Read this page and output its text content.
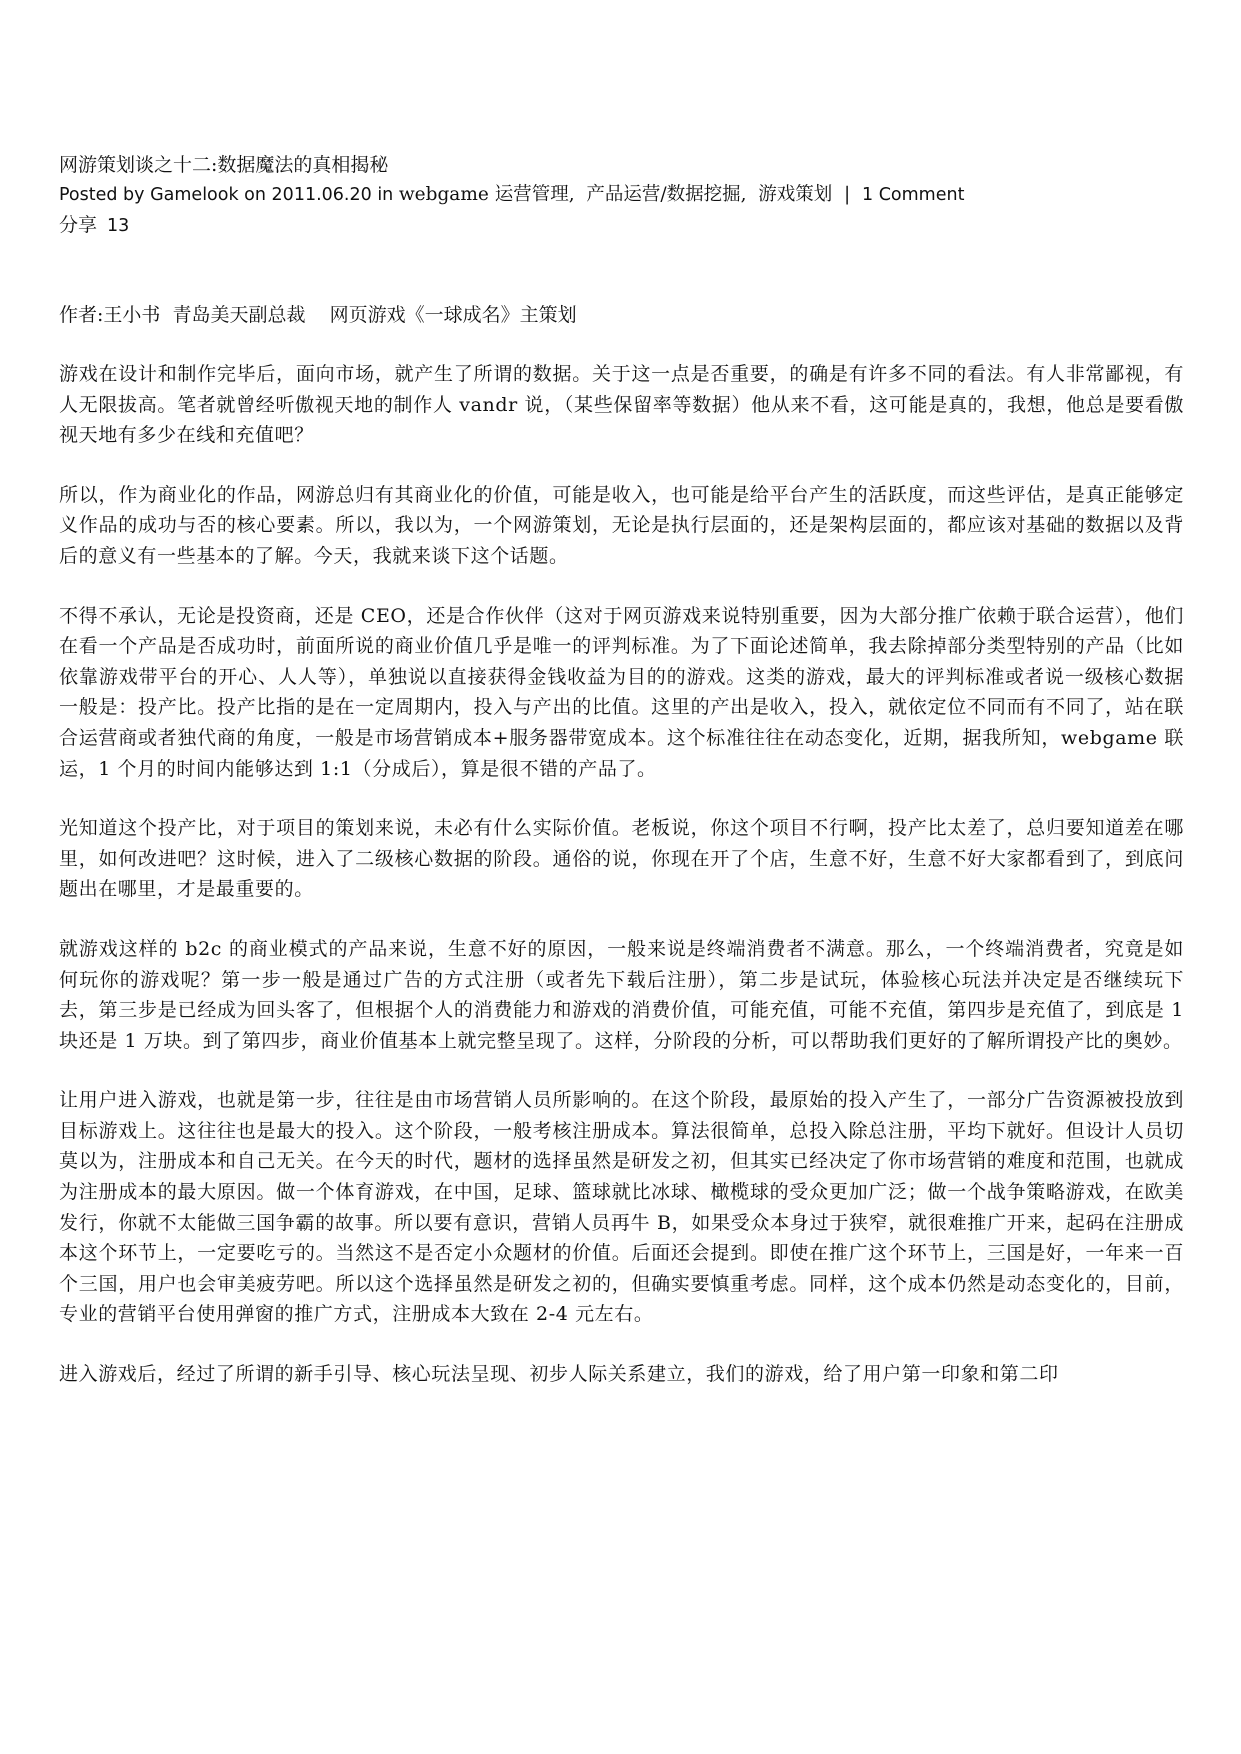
网游策划谈之十二:数据魔法的真相揭秘
Posted by Gamelook on 2011.06.20 in webgame 运营管理,  产品运营/数据挖掘,  游戏策划  |  1 Comment
分享 13
作者:王小书  青岛美天副总裁    网页游戏《一球成名》主策划

游戏在设计和制作完毕后，面向市场，就产生了所谓的数据。关于这一点是否重要，的确是有许多不同的看法。有人非常鄙视，有人无限拔高。笔者就曾经听傲视天地的制作人 vandr 说，（某些保留率等数据）他从来不看，这可能是真的，我想，他总是要看傲视天地有多少在线和充值吧？

所以，作为商业化的作品，网游总归有其商业化的价值，可能是收入，也可能是给平台产生的活跃度，而这些评估，是真正能够定义作品的成功与否的核心要素。所以，我以为，一个网游策划，无论是执行层面的，还是架构层面的，都应该对基础的数据以及背后的意义有一些基本的了解。今天，我就来谈下这个话题。

不得不承认，无论是投资商，还是 CEO，还是合作伙伴（这对于网页游戏来说特别重要，因为大部分推广依赖于联合运营），他们在看一个产品是否成功时，前面所说的商业价值几乎是唯一的评判标准。为了下面论述简单，我去除掉部分类型特别的产品（比如依靠游戏带平台的开心、人人等），单独说以直接获得金钱收益为目的的游戏。这类的游戏，最大的评判标准或者说一级核心数据一般是：投产比。投产比指的是在一定周期内，投入与产出的比值。这里的产出是收入，投入，就依定位不同而有不同了，站在联合运营商或者独代商的角度，一般是市场营销成本+服务器带宽成本。这个标准往往在动态变化，近期，据我所知，webgame 联运，1 个月的时间内能够达到 1:1（分成后），算是很不错的产品了。

光知道这个投产比，对于项目的策划来说，未必有什么实际价值。老板说，你这个项目不行啊，投产比太差了，总归要知道差在哪里，如何改进吧？这时候，进入了二级核心数据的阶段。通俗的说，你现在开了个店，生意不好，生意不好大家都看到了，到底问题出在哪里，才是最重要的。

就游戏这样的 b2c 的商业模式的产品来说，生意不好的原因，一般来说是终端消费者不满意。那么，一个终端消费者，究竟是如何玩你的游戏呢？第一步一般是通过广告的方式注册（或者先下载后注册），第二步是试玩，体验核心玩法并决定是否继续玩下去，第三步是已经成为回头客了，但根据个人的消费能力和游戏的消费价值，可能充值，可能不充值，第四步是充值了，到底是 1 块还是 1 万块。到了第四步，商业价值基本上就完整呈现了。这样，分阶段的分析，可以帮助我们更好的了解所谓投产比的奥妙。

让用户进入游戏，也就是第一步，往往是由市场营销人员所影响的。在这个阶段，最原始的投入产生了，一部分广告资源被投放到目标游戏上。这往往也是最大的投入。这个阶段，一般考核注册成本。算法很简单，总投入除总注册，平均下就好。但设计人员切莫以为，注册成本和自己无关。在今天的时代，题材的选择虽然是研发之初，但其实已经决定了你市场营销的难度和范围，也就成为注册成本的最大原因。做一个体育游戏，在中国，足球、篮球就比冰球、橄榄球的受众更加广泛；做一个战争策略游戏，在欧美发行，你就不太能做三国争霸的故事。所以要有意识，营销人员再牛 B，如果受众本身过于狭窄，就很难推广开来，起码在注册成本这个环节上，一定要吃亏的。当然这不是否定小众题材的价值。后面还会提到。即使在推广这个环节上，三国是好，一年来一百个三国，用户也会审美疲劳吧。所以这个选择虽然是研发之初的，但确实要慎重考虑。同样，这个成本仍然是动态变化的，目前，专业的营销平台使用弹窗的推广方式，注册成本大致在 2-4 元左右。

进入游戏后，经过了所谓的新手引导、核心玩法呈现、初步人际关系建立，我们的游戏，给了用户第一印象和第二印
